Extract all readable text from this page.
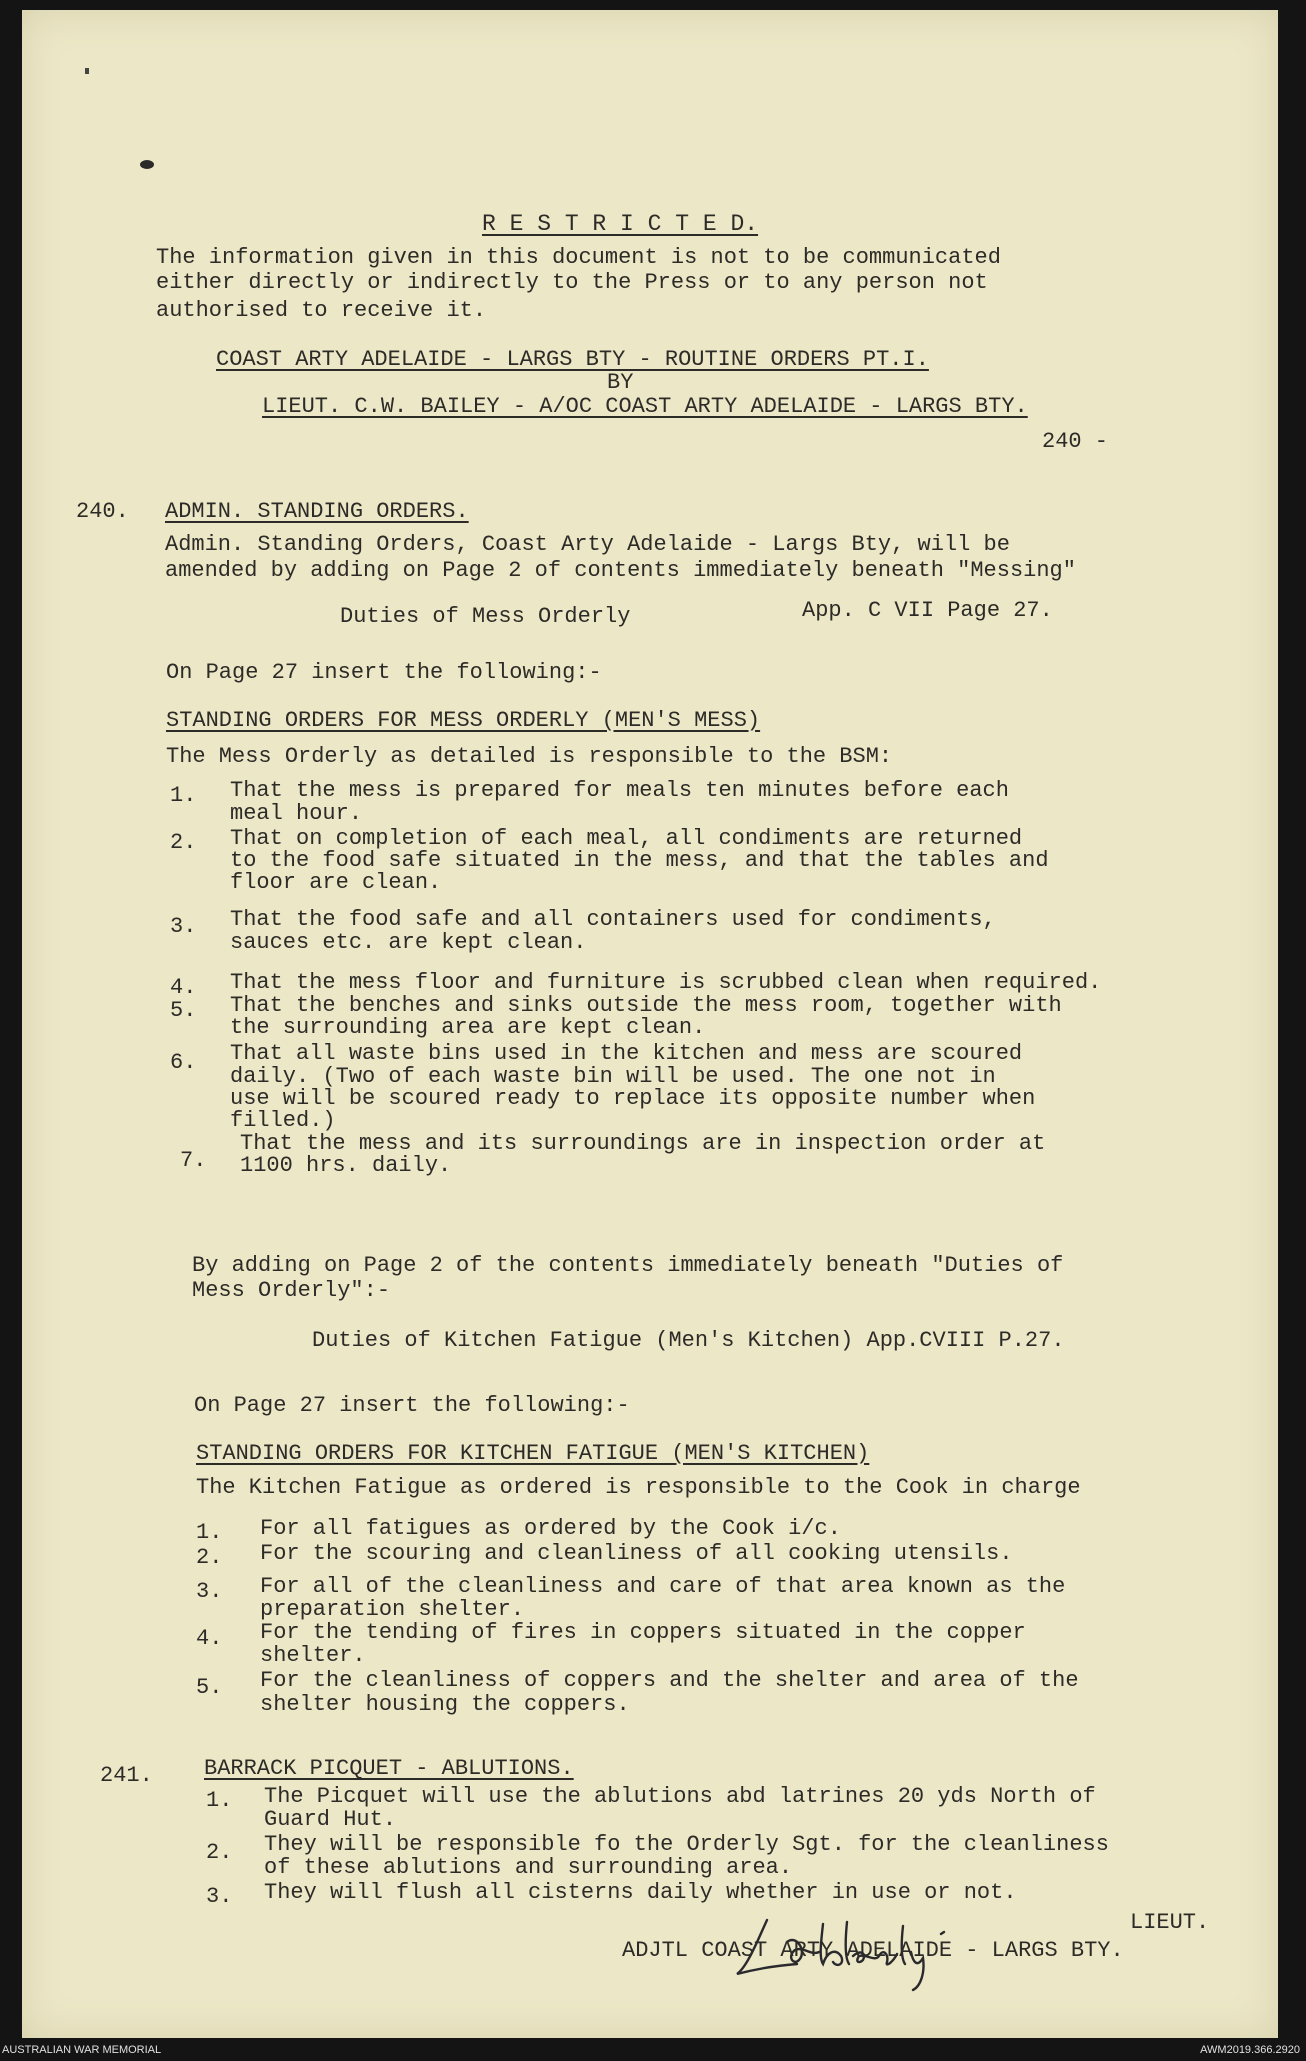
R E S T R I C T E D.
The information given in this document is not to be communicated
either directly or indirectly to the Press or to any person not
authorised to receive it.
COAST ARTY ADELAIDE - LARGS BTY - ROUTINE ORDERS PT.I.
BY
LIEUT. C.W. BAILEY - A/OC COAST ARTY ADELAIDE - LARGS BTY.
240 -
240. ADMIN. STANDING ORDERS.
Admin. Standing Orders, Coast Arty Adelaide - Largs Bty, will be
amended by adding on Page 2 of contents immediately beneath "Messing"
Duties of Mess Orderly	App. C VII Page 27.
On Page 27 insert the following:-
STANDING ORDERS FOR MESS ORDERLY (MEN'S MESS)
The Mess Orderly as detailed is responsible to the BSM:
1. That the mess is prepared for meals ten minutes before each
meal hour.
2. That on completion of each meal, all condiments are returned
to the food safe situated in the mess, and that the tables and
floor are clean.
3. That the food safe and all containers used for condiments,
sauces etc. are kept clean.
4. That the mess floor and furniture is scrubbed clean when required.
5. That the benches and sinks outside the mess room, together with
the surrounding area are kept clean.
6. That all waste bins used in the kitchen and mess are scoured
daily. (Two of each waste bin will be used. The one not in
use will be scoured ready to replace its opposite number when
filled.)
7.
That the mess and its surroundings are in inspection order at
1100 hrs. daily.
By adding on Page 2 of the contents immediately beneath "Duties of
Mess Orderly":-
Duties of Kitchen Fatigue (Men's Kitchen) App.CVIII P.27.
On Page 27 insert the following:-
STANDING ORDERS FOR KITCHEN FATIGUE (MEN'S KITCHEN)
The Kitchen Fatigue as ordered is responsible to the Cook in charge
1. For all fatigues as ordered by the Cook i/c.
2. For the scouring and cleanliness of all cooking utensils.
3. For all of the cleanliness and care of that area known as the
preparation shelter.
4. For the tending of fires in coppers situated in the copper
shelter.
5. For the cleanliness of coppers and the shelter and area of the
shelter housing the coppers.
241. BARRACK PICQUET - ABLUTIONS.
1. The Picquet will use the ablutions abd latrines 20 yds North of
Guard Hut.
2. They will be responsible fo the Orderly Sgt. for the cleanliness
of these ablutions and surrounding area.
3. They will flush all cisterns daily whether in use or not.
LIEUT.
ADJTL COAST ARTY ADELAIDE - LARGS BTY.
AUSTRALIAN WAR MEMORIAL	AWM2019.366.2920
